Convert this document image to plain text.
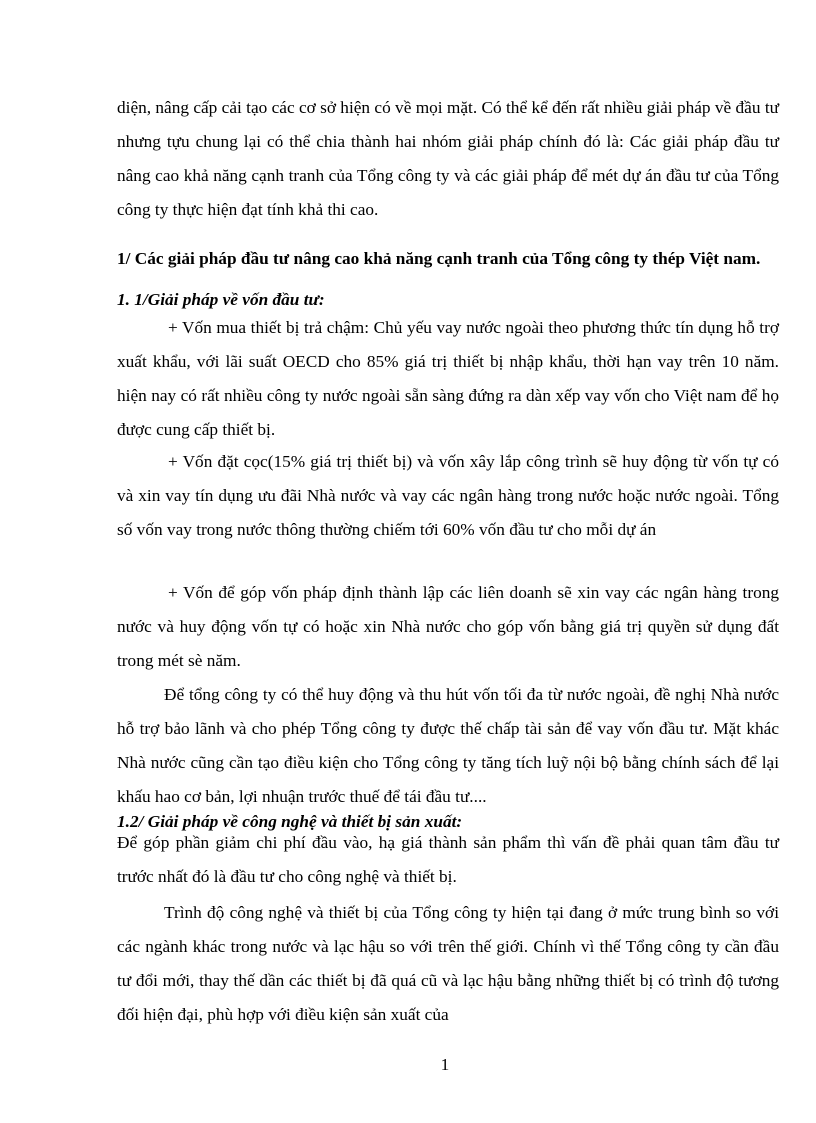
diện, nâng cấp cải tạo các cơ sở hiện có về mọi mặt. Có thể kể đến rất nhiều giải pháp về đầu tư nhưng tựu chung lại có thể chia thành hai nhóm giải pháp chính đó là: Các giải pháp đầu tư nâng cao khả năng cạnh tranh của Tổng công ty và các giải pháp để mét dự án đầu tư của Tổng công ty thực hiện đạt tính khả thi cao.

1/ Các giải pháp đầu tư nâng cao khả năng cạnh tranh của Tổng công ty thép Việt nam.
1. 1/Giải pháp về vốn đầu tư:

+ Vốn mua thiết bị trả chậm: Chủ yếu vay nước ngoài theo phương thức tín dụng hỗ trợ xuất khẩu, với lãi suất OECD cho 85% giá trị thiết bị nhập khẩu, thời hạn vay trên 10 năm. hiện nay có rất nhiều công ty nước ngoài sẵn sàng đứng ra dàn xếp vay vốn cho Việt nam để họ được cung cấp thiết bị.

+ Vốn đặt cọc(15% giá trị thiết bị) và vốn xây lắp công trình sẽ huy động từ vốn tự có và xin vay tín dụng ưu đãi Nhà nước và vay các ngân hàng trong nước hoặc nước ngoài. Tổng số vốn vay trong nước thông thường chiếm tới 60% vốn đầu tư cho mỗi dự án

+ Vốn để góp vốn pháp định thành lập các liên doanh sẽ xin vay các ngân hàng trong nước và huy động vốn tự có hoặc xin Nhà nước cho góp vốn bằng giá trị quyền sử dụng đất trong mét sè năm.

Để tổng công ty có thể huy động và thu hút vốn tối đa từ nước ngoài, đề nghị Nhà nước hỗ trợ bảo lãnh và cho phép Tổng công ty được thế chấp tài sản để vay vốn đầu tư. Mặt khác Nhà nước cũng cần tạo điều kiện cho Tổng công ty tăng tích luỹ nội bộ bằng chính sách để lại khấu hao cơ bản, lợi nhuận trước thuế để tái đầu tư....

1.2/ Giải pháp về công nghệ và thiết bị sản xuất:

Để góp phần giảm chi phí đầu vào, hạ giá thành sản phẩm thì vấn đề phải quan tâm đầu tư trước nhất đó là đầu tư cho công nghệ và thiết bị.

Trình độ công nghệ và thiết bị của Tổng công ty hiện tại đang ở mức trung bình so với các ngành khác trong nước và lạc hậu so với trên thế giới. Chính vì thế Tổng công ty cần đầu tư đổi mới, thay thế dần các thiết bị đã quá cũ và lạc hậu bằng những thiết bị có trình độ tương đối hiện đại, phù hợp với điều kiện sản xuất của

1
